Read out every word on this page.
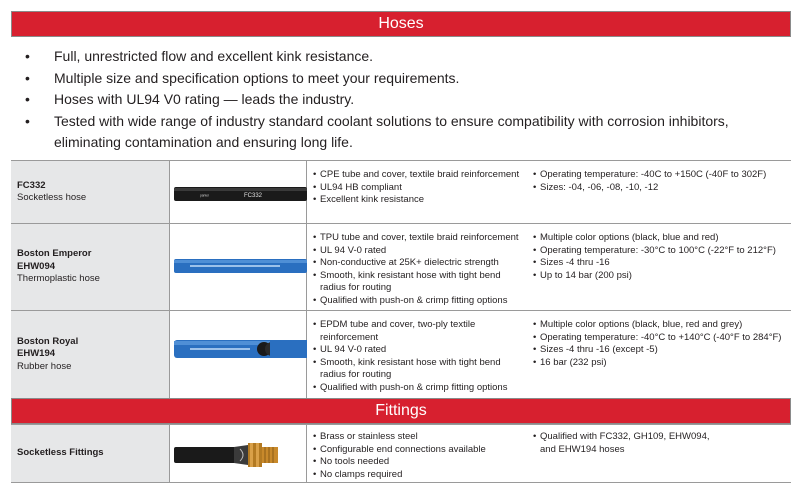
Hoses
• Full, unrestricted flow and excellent kink resistance.
• Multiple size and specification options to meet your requirements.
• Hoses with UL94 V0 rating — leads the industry.
• Tested with wide range of industry standard coolant solutions to ensure compatibility with corrosion inhibitors, eliminating contamination and ensuring long life.
FC332
Socketless hose	parker	FC332
• CPE tube and cover, textile braid reinforcement
• UL94 HB compliant
• Excellent kink resistance
• Operating temperature: -40C to +150C (-40F to 302F)
• Sizes: -04, -06, -08, -10, -12
Boston Emperor
EHW094
Thermoplastic hose
• TPU tube and cover, textile braid reinforcement
• UL 94 V-0 rated
• Non-conductive at 25K+ dielectric strength
• Smooth, kink resistant hose with tight bend radius for routing
• Qualified with push-on & crimp fitting options
• Multiple color options (black, blue and red)
• Operating temperature: -30°C to 100°C (-22°F to 212°F)
• Sizes -4 thru -16
• Up to 14 bar (200 psi)
Boston Royal
EHW194
Rubber hose
• EPDM tube and cover, two-ply textile reinforcement
• UL 94 V-0 rated
• Smooth, kink resistant hose with tight bend radius for routing
• Qualified with push-on & crimp fitting options
• Multiple color options (black, blue, red and grey)
• Operating temperature: -40°C to +140°C (-40°F to 284°F)
• Sizes -4 thru -16 (except -5)
• 16 bar (232 psi)
Fittings
Socketless Fittings
• Brass or stainless steel
• Configurable end connections available
• No tools needed
• No clamps required
• Qualified with FC332, GH109, EHW094, and EHW194 hoses
